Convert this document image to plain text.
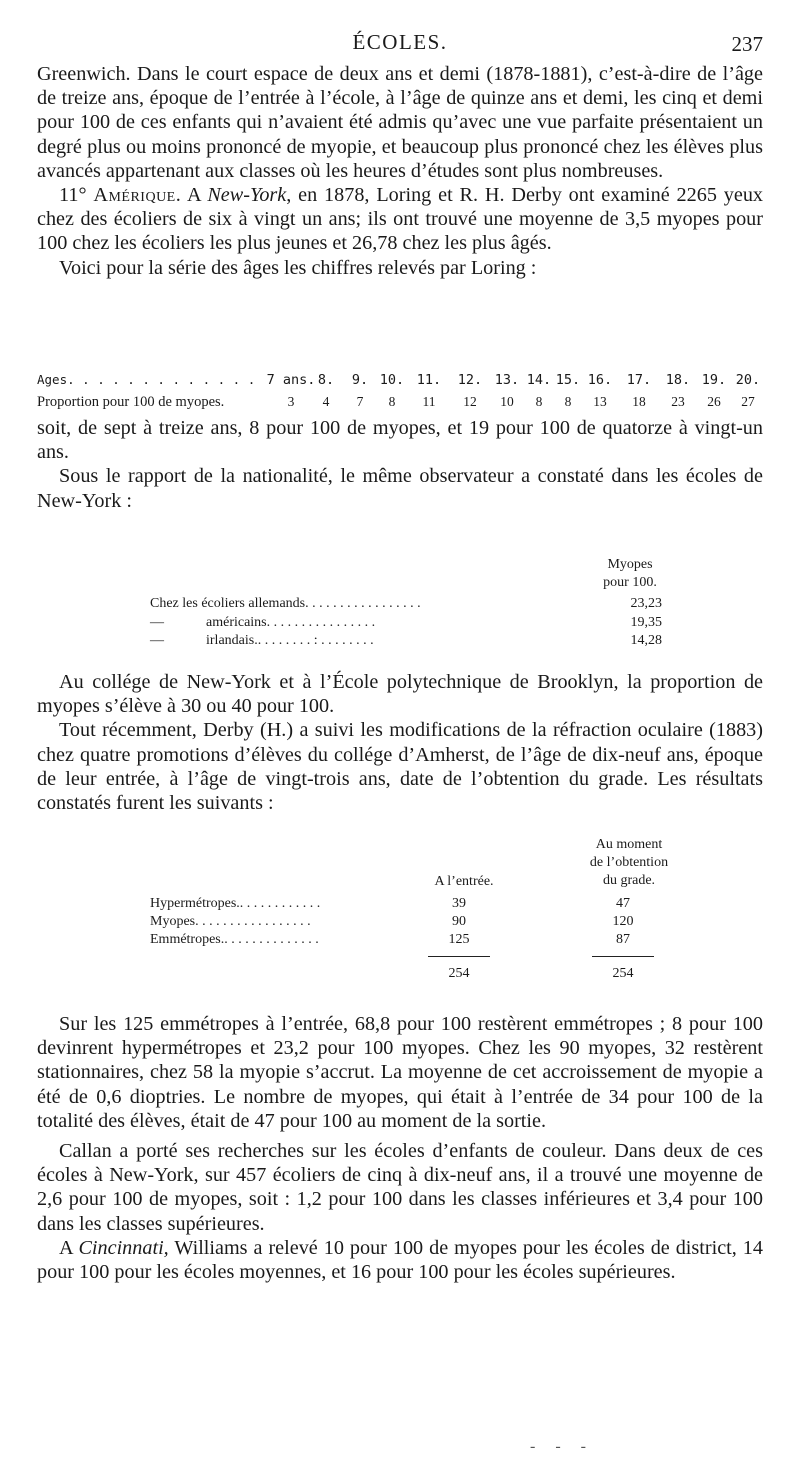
ÉCOLES.	237

Greenwich. Dans le court espace de deux ans et demi (1878-1881), c’est-à-dire de l’âge de treize ans, époque de l’entrée à l’école, à l’âge de quinze ans et demi, les cinq et demi pour 100 de ces enfants qui n’avaient été admis qu’avec une vue parfaite présentaient un degré plus ou moins prononcé de myopie, et beaucoup plus prononcé chez les élèves plus avancés appartenant aux classes où les heures d’études sont plus nombreuses.

11° Amérique. A New-York, en 1878, Loring et R. H. Derby ont examiné 2265 yeux chez des écoliers de six à vingt un ans; ils ont trouvé une moyenne de 3,5 myopes pour 100 chez les écoliers les plus jeunes et 26,78 chez les plus âgés.

Voici pour la série des âges les chiffres relevés par Loring :

Ages. . . . . . . . . . . . . 7 ans. 8.	9. 10. 11. 12. 13. 14. 15. 16. 17. 18. 19. 20.
Proportion pour 100 de myopes.	3	4	7	8	11	12	10	8	8	13	18	23	26	27

soit, de sept à treize ans, 8 pour 100 de myopes, et 19 pour 100 de quatorze à vingt-un ans.

Sous le rapport de la nationalité, le même observateur a constaté dans les écoles de New-York :

Myopes
pour 100.
Chez les écoliers allemands. . . . . . . . . . . . . . . . .	23,23
—            américains. . . . . . . . . . . . . . . .	19,35
—            irlandais.. . . . . . . . : . . . . . . . .	14,28

Au collége de New-York et à l’École polytechnique de Brooklyn, la proportion de myopes s’élève à 30 ou 40 pour 100.

Tout récemment, Derby (H.) a suivi les modifications de la réfraction oculaire (1883) chez quatre promotions d’élèves du collége d’Amherst, de l’âge de dix-neuf ans, époque de leur entrée, à l’âge de vingt-trois ans, date de l’obtention du grade. Les résultats constatés furent les suivants :

Au moment
de l’obtention
du grade.
A l’entrée.
Hypermétropes.. . . . . . . . . . . .	39	47
Myopes. . . . . . . . . . . . . . . . .	90	120
Emmétropes.. . . . . . . . . . . . . .	125	87
254	254

Sur les 125 emmétropes à l’entrée, 68,8 pour 100 restèrent emmétropes ; 8 pour 100 devinrent hypermétropes et 23,2 pour 100 myopes. Chez les 90 myopes, 32 restèrent stationnaires, chez 58 la myopie s’accrut. La moyenne de cet accroissement de myopie a été de 0,6 dioptries. Le nombre de myopes, qui était à l’entrée de 34 pour 100 de la totalité des élèves, était de 47 pour 100 au moment de la sortie.

Callan a porté ses recherches sur les écoles d’enfants de couleur. Dans deux de ces écoles à New-York, sur 457 écoliers de cinq à dix-neuf ans, il a trouvé une moyenne de 2,6 pour 100 de myopes, soit : 1,2 pour 100 dans les classes inférieures et 3,4 pour 100 dans les classes supérieures.

A Cincinnati, Williams a relevé 10 pour 100 de myopes pour les écoles de district, 14 pour 100 pour les écoles moyennes, et 16 pour 100 pour les écoles supérieures.

- - -
